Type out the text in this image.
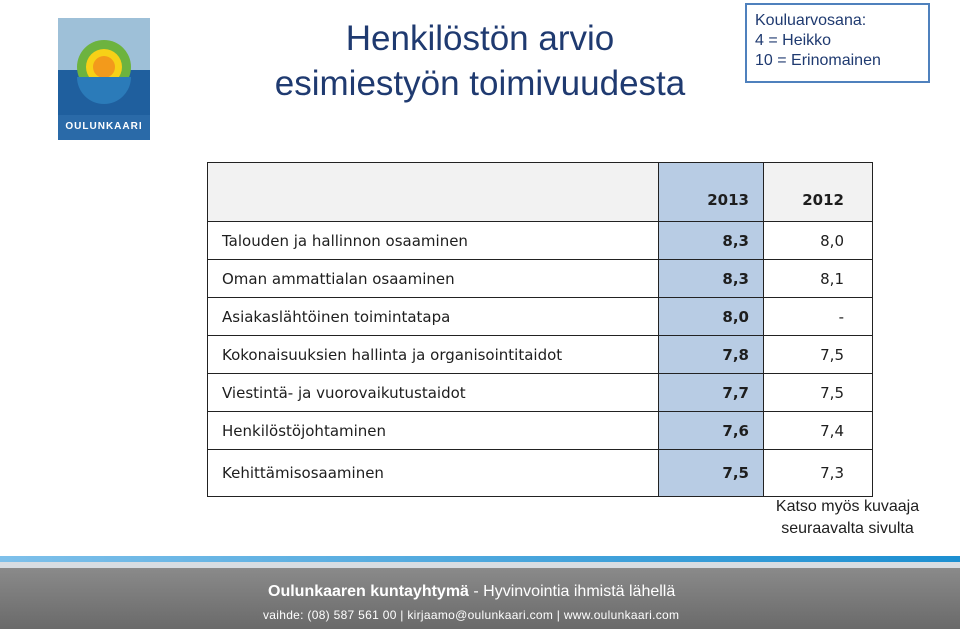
OULUNKAARI
Henkilöstön arvio
esimiestyön toimivuudesta
Kouluarvosana:
4 = Heikko
10 = Erinomainen
	2013	2012
Talouden ja hallinnon osaaminen	8,3	8,0
Oman ammattialan osaaminen	8,3	8,1
Asiakaslähtöinen toimintatapa	8,0	-
Kokonaisuuksien hallinta ja organisointitaidot	7,8	7,5
Viestintä- ja vuorovaikutustaidot	7,7	7,5
Henkilöstöjohtaminen	7,6	7,4
Kehittämisosaaminen	7,5	7,3
Katso myös kuvaaja
seuraavalta sivulta
Oulunkaaren kuntayhtymä - Hyvinvointia ihmistä lähellä
vaihde: (08) 587 561 00 | kirjaamo@oulunkaari.com | www.oulunkaari.com
